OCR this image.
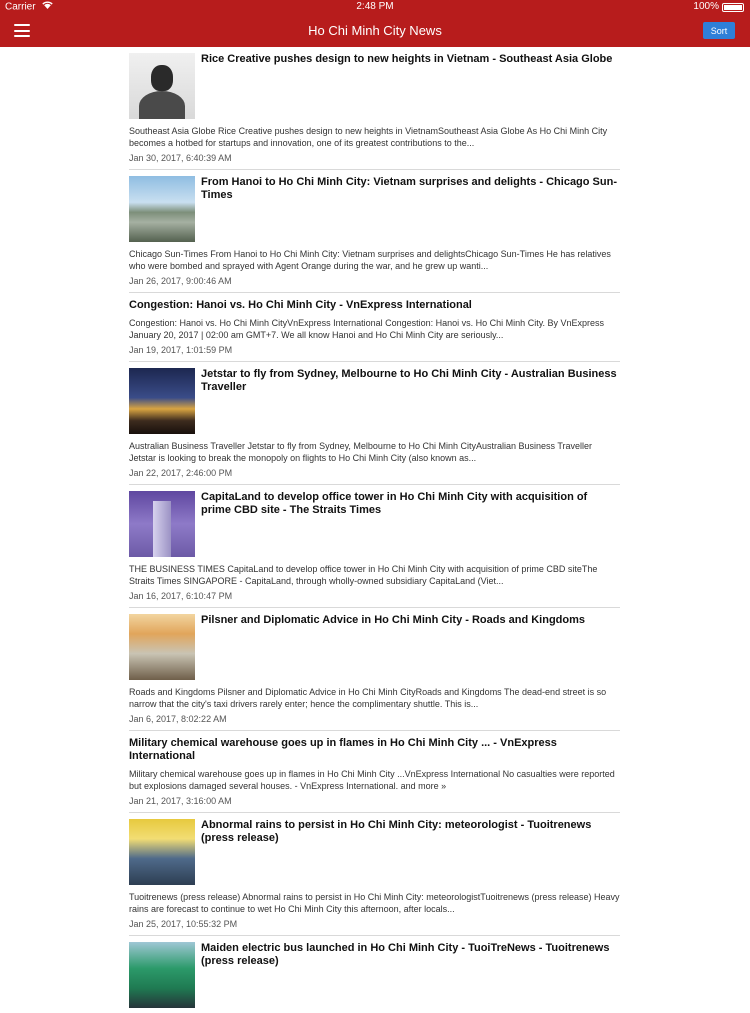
Carrier	2:48 PM	100%
Ho Chi Minh City News	Sort
Rice Creative pushes design to new heights in Vietnam - Southeast Asia Globe
Southeast Asia Globe Rice Creative pushes design to new heights in VietnamSoutheast Asia Globe As Ho Chi Minh City becomes a hotbed for startups and innovation, one of its greatest contributions to the...
Jan 30, 2017, 6:40:39 AM
From Hanoi to Ho Chi Minh City: Vietnam surprises and delights - Chicago Sun-Times
Chicago Sun-Times From Hanoi to Ho Chi Minh City: Vietnam surprises and delightsChicago Sun-Times He has relatives who were bombed and sprayed with Agent Orange during the war, and he grew up wanti...
Jan 26, 2017, 9:00:46 AM
Congestion: Hanoi vs. Ho Chi Minh City - VnExpress International
Congestion: Hanoi vs. Ho Chi Minh CityVnExpress International Congestion: Hanoi vs. Ho Chi Minh City. By VnExpress January 20, 2017 | 02:00 am GMT+7. We all know Hanoi and Ho Chi Minh City are seriously...
Jan 19, 2017, 1:01:59 PM
Jetstar to fly from Sydney, Melbourne to Ho Chi Minh City - Australian Business Traveller
Australian Business Traveller Jetstar to fly from Sydney, Melbourne to Ho Chi Minh CityAustralian Business Traveller Jetstar is looking to break the monopoly on flights to Ho Chi Minh City (also known as...
Jan 22, 2017, 2:46:00 PM
CapitaLand to develop office tower in Ho Chi Minh City with acquisition of prime CBD site - The Straits Times
THE BUSINESS TIMES CapitaLand to develop office tower in Ho Chi Minh City with acquisition of prime CBD siteThe Straits Times SINGAPORE - CapitaLand, through wholly-owned subsidiary CapitaLand (Viet...
Jan 16, 2017, 6:10:47 PM
Pilsner and Diplomatic Advice in Ho Chi Minh City - Roads and Kingdoms
Roads and Kingdoms Pilsner and Diplomatic Advice in Ho Chi Minh CityRoads and Kingdoms The dead-end street is so narrow that the city's taxi drivers rarely enter; hence the complimentary shuttle. This is...
Jan 6, 2017, 8:02:22 AM
Military chemical warehouse goes up in flames in Ho Chi Minh City ... - VnExpress International
Military chemical warehouse goes up in flames in Ho Chi Minh City ...VnExpress International No casualties were reported but explosions damaged several houses. - VnExpress International. and more »
Jan 21, 2017, 3:16:00 AM
Abnormal rains to persist in Ho Chi Minh City: meteorologist - Tuoitrenews (press release)
Tuoitrenews (press release) Abnormal rains to persist in Ho Chi Minh City: meteorologistTuoitrenews (press release) Heavy rains are forecast to continue to wet Ho Chi Minh City this afternoon, after locals...
Jan 25, 2017, 10:55:32 PM
Maiden electric bus launched in Ho Chi Minh City - TuoiTreNews - Tuoitrenews (press release)
